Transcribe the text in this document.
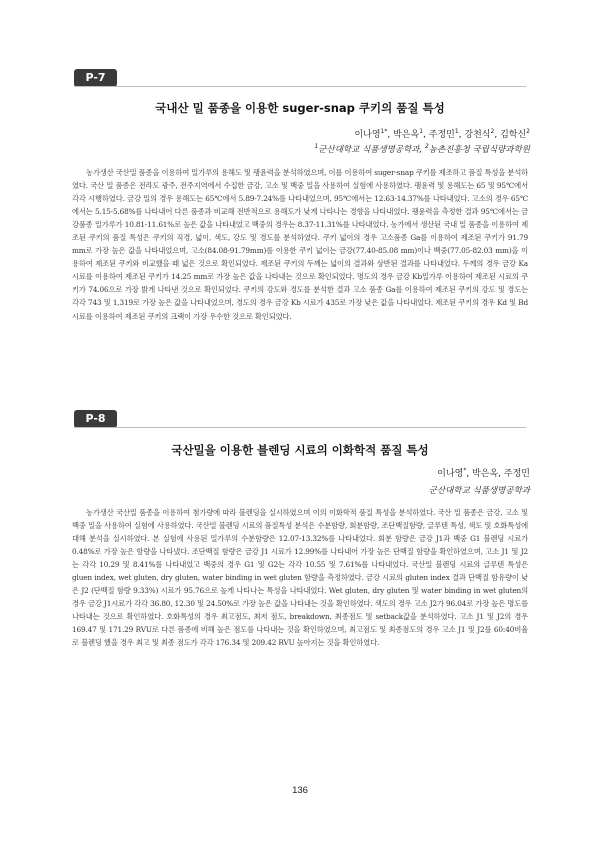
P-7
국내산 밀 품종을 이용한 suger-snap 쿠키의 품질 특성
이나영$^{1*}$, 박은옥$^1$, 주정민$^1$, 강천식$^2$, 김학신$^2$
$^1$군산대학교 식품생명공학과, $^2$농촌진흥청 국립식량과학원
농가생산 국산밀 품종을 이용하여 밀가루의 용해도 및 팽윤력을 분석하였으며, 이를 이용하여 suger-snap 쿠키를 제조하고 품질 특성을 분석하였다. 국산 밀 품종은 전라도 광주, 전주지역에서 수집한 금강, 고소 및 백중 밀을 사용하여 실험에 사용하였다. 팽윤력 및 용해도는 65 및 95℃에서 각각 시행하였다. 금강 밀의 경우 용해도는 65℃에서 5.89-7.24%를 나타내었으며, 95℃에서는 12.63-14.37%를 나타내었다. 고소의 경우 65℃에서는 5.15-5.68%를 나타내어 다른 품종과 비교해 전반적으로 용해도가 낮게 나타나는 경향을 나타내었다. 팽윤력을 측정한 결과 95℃에서는 금강품종 밀가루가 10.81-11.61%로 높은 값을 나타내었고 백중의 경우는 8.37-11.31%를 나타내었다. 농가에서 생산된 국내 밀 품종을 이용하여 제조된 쿠키의 품질 특성은 쿠키의 직경, 넓이, 색도, 강도 및 경도를 분석하였다. 쿠키 넓이의 경우 고소품종 Ga를 이용하여 제조된 쿠키가 91.79 mm로 가장 높은 값을 나타내었으며, 고소(84.08-91.79mm)를 이용한 쿠키 넓이는 금강(77.40-85.08 mm)이나 백중(77.05-82.03 mm)을 이용하여 제조된 쿠키와 비교했을 때 넓은 것으로 확인되었다. 제조된 쿠키의 두께는 넓이의 결과와 상반된 결과를 나타내었다. 두께의 경우 금강 Ka 시료를 이용하여 제조된 쿠키가 14.25 mm로 가장 높은 값을 나타내는 것으로 확인되었다. 명도의 경우 금강 Kb밀가루 이용하여 제조된 시료의 쿠키가 74.06으로 가장 밝게 나타낸 것으로 확인되었다. 쿠키의 강도와 경도를 분석한 결과 고소 품종 Ga를 이용하여 제조된 쿠키의 강도 및 경도는 각각 743 및 1,319로 가장 높은 값을 나타내었으며, 경도의 경우 금강 Kb 시료가 435로 가장 낮은 값을 나타내었다. 제조된 쿠키의 경우 Kd 및 Bd시료를 이용하여 제조된 쿠키의 크랙이 가장 우수한 것으로 확인되었다.
P-8
국산밀을 이용한 블렌딩 시료의 이화학적 품질 특성
이나영*, 박은옥, 주정민
군산대학교 식품생명공학과
농가생산 국산밀 품종을 이용하여 첨가량에 따라 블렌딩을 실시하였으며 이의 이화학적 품질 특성을 분석하였다. 국산 밀 품종은 금강, 고소 및 백중 밀을 사용하여 실험에 사용하였다. 국산밀 블렌딩 시료의 품질특성 분석은 수분함량, 회분함량, 조단백질함량, 글루텐 특성, 색도 및 호화특성에 대해 분석을 실시하였다. 본 실험에 사용된 밀가루의 수분함량은 12.07-13.32%를 나타내었다. 회분 함량은 금강 J1과 백중 G1 블렌딩 시료가 0.48%로 가장 높은 함량을 나타냈다. 조단백질 함량은 금강 J1 시료가 12.99%를 나타내어 가장 높은 단백질 함량을 확인하였으며, 고소 J1 및 J2는 각각 10.29 및 8.41%를 나타내었고 백중의 경우 G1 및 G2는 각각 10.55 및 7.61%를 나타내었다. 국산밀 블렌딩 시료의 글루텐 특성은 gluen index, wet gluten, dry gluten, water binding in wet gluten 함량을 측정하였다. 금강 시료의 gluten index 결과 단백질 함유량이 낮은 J2 (단백질 함량 9.33%) 시료가 95.76으로 높게 나타나는 특성을 나타내었다. Wet gluten, dry gluten 및 water binding in wet gluten의 경우 금강 J1시료가 각각 36.80, 12.30 및 24.50%로 가장 높은 값을 나타내는 것을 확인하였다. 색도의 경우 고소 J2가 96.04로 가장 높은 명도를 나타내는 것으로 확인하였다. 호화특성의 경우 최고점도, 최저 점도, breakdown, 최종점도 및 setback값을 분석하였다. 고소 J1 및 J2의 경우 169.47 및 171.29 RVU로 다른 품종에 비해 높은 점도를 나타내는 것을 확인하였으며, 최고점도 및 최종점도의 경우 고소 J1 및 J2를 60:40비율로 블렌딩 했을 경우 최고 및 최종 점도가 각각 176.34 및 209.42 RVU 높아지는 것을 확인하였다.
136
